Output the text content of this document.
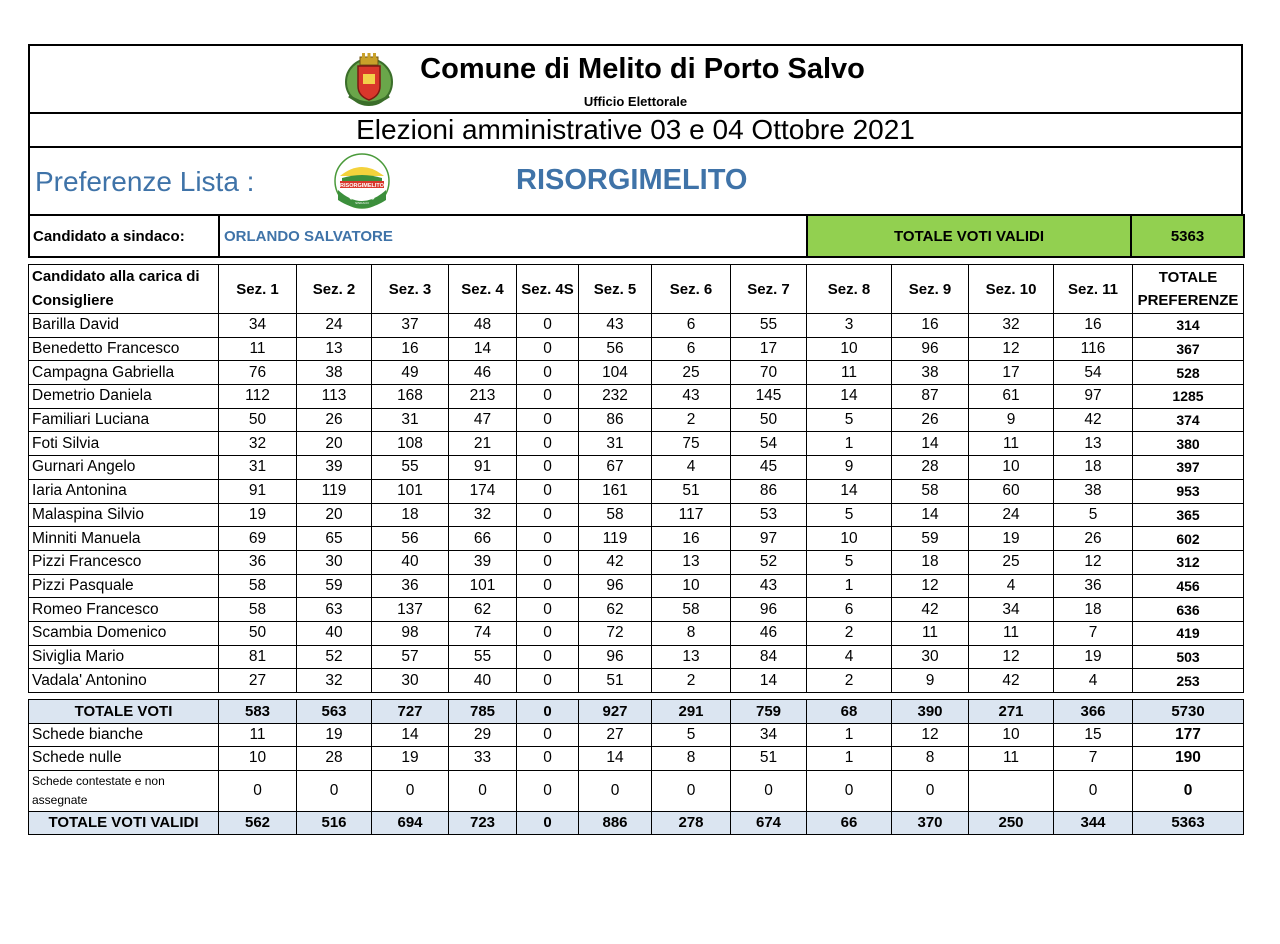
Comune di Melito di Porto Salvo
Ufficio Elettorale
Elezioni amministrative 03 e 04 Ottobre 2021
Preferenze Lista :	RISORGIMELITO
SALVATORE
ORLANDO
SINDACO
RISORGIMELITO
Candidato a sindaco:	ORLANDO SALVATORE	TOTALE VOTI VALIDI	5363
Candidato alla carica di Consigliere	Sez. 1	Sez. 2	Sez. 3	Sez. 4	Sez. 4S	Sez. 5	Sez. 6	Sez. 7	Sez. 8	Sez. 9	Sez. 10	Sez. 11	TOTALE PREFERENZE
Barilla David	34	24	37	48	0	43	6	55	3	16	32	16	314
Benedetto Francesco	11	13	16	14	0	56	6	17	10	96	12	116	367
Campagna Gabriella	76	38	49	46	0	104	25	70	11	38	17	54	528
Demetrio Daniela	112	113	168	213	0	232	43	145	14	87	61	97	1285
Familiari Luciana	50	26	31	47	0	86	2	50	5	26	9	42	374
Foti Silvia	32	20	108	21	0	31	75	54	1	14	11	13	380
Gurnari Angelo	31	39	55	91	0	67	4	45	9	28	10	18	397
Iaria Antonina	91	119	101	174	0	161	51	86	14	58	60	38	953
Malaspina Silvio	19	20	18	32	0	58	117	53	5	14	24	5	365
Minniti Manuela	69	65	56	66	0	119	16	97	10	59	19	26	602
Pizzi Francesco	36	30	40	39	0	42	13	52	5	18	25	12	312
Pizzi Pasquale	58	59	36	101	0	96	10	43	1	12	4	36	456
Romeo Francesco	58	63	137	62	0	62	58	96	6	42	34	18	636
Scambia Domenico	50	40	98	74	0	72	8	46	2	11	11	7	419
Siviglia Mario	81	52	57	55	0	96	13	84	4	30	12	19	503
Vadala' Antonino	27	32	30	40	0	51	2	14	2	9	42	4	253
TOTALE VOTI	583	563	727	785	0	927	291	759	68	390	271	366	5730
Schede bianche	11	19	14	29	0	27	5	34	1	12	10	15	177
Schede nulle	10	28	19	33	0	14	8	51	1	8	11	7	190
Schede contestate e non assegnate	0	0	0	0	0	0	0	0	0	0		0	0
TOTALE VOTI VALIDI	562	516	694	723	0	886	278	674	66	370	250	344	5363
